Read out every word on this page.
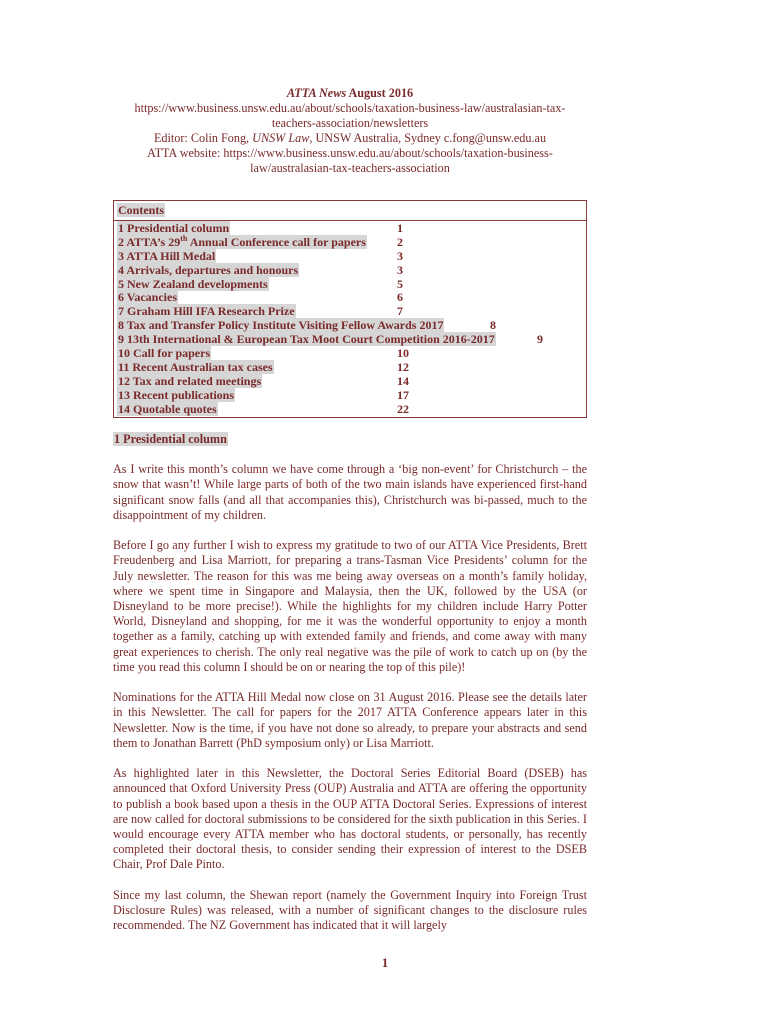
ATTA News August 2016
https://www.business.unsw.edu.au/about/schools/taxation-business-law/australasian-tax-
teachers-association/newsletters
Editor: Colin Fong, UNSW Law, UNSW Australia, Sydney c.fong@unsw.edu.au
ATTA website: https://www.business.unsw.edu.au/about/schools/taxation-business-
law/australasian-tax-teachers-association
Contents
1 Presidential column	1
2 ATTA’s 29th Annual Conference call for papers	2
3 ATTA Hill Medal	3
4 Arrivals, departures and honours	3
5 New Zealand developments	5
6 Vacancies	6
7 Graham Hill IFA Research Prize	7
8 Tax and Transfer Policy Institute Visiting Fellow Awards 2017	8
9 13th International & European Tax Moot Court Competition 2016-2017	9
10 Call for papers	10
11 Recent Australian tax cases	12
12 Tax and related meetings	14
13 Recent publications	17
14 Quotable quotes	22
1 Presidential column

As I write this month’s column we have come through a ‘big non-event’ for Christchurch – the snow that wasn’t! While large parts of both of the two main islands have experienced first-hand significant snow falls (and all that accompanies this), Christchurch was bi-passed, much to the disappointment of my children.

Before I go any further I wish to express my gratitude to two of our ATTA Vice Presidents, Brett Freudenberg and Lisa Marriott, for preparing a trans-Tasman Vice Presidents’ column for the July newsletter. The reason for this was me being away overseas on a month’s family holiday, where we spent time in Singapore and Malaysia, then the UK, followed by the USA (or Disneyland to be more precise!). While the highlights for my children include Harry Potter World, Disneyland and shopping, for me it was the wonderful opportunity to enjoy a month together as a family, catching up with extended family and friends, and come away with many great experiences to cherish. The only real negative was the pile of work to catch up on (by the time you read this column I should be on or nearing the top of this pile)!

Nominations for the ATTA Hill Medal now close on 31 August 2016. Please see the details later in this Newsletter. The call for papers for the 2017 ATTA Conference appears later in this Newsletter. Now is the time, if you have not done so already, to prepare your abstracts and send them to Jonathan Barrett (PhD symposium only) or Lisa Marriott.

As highlighted later in this Newsletter, the Doctoral Series Editorial Board (DSEB) has announced that Oxford University Press (OUP) Australia and ATTA are offering the opportunity to publish a book based upon a thesis in the OUP ATTA Doctoral Series. Expressions of interest are now called for doctoral submissions to be considered for the sixth publication in this Series. I would encourage every ATTA member who has doctoral students, or personally, has recently completed their doctoral thesis, to consider sending their expression of interest to the DSEB Chair, Prof Dale Pinto.

Since my last column, the Shewan report (namely the Government Inquiry into Foreign Trust Disclosure Rules) was released, with a number of significant changes to the disclosure rules recommended. The NZ Government has indicated that it will largely

1
